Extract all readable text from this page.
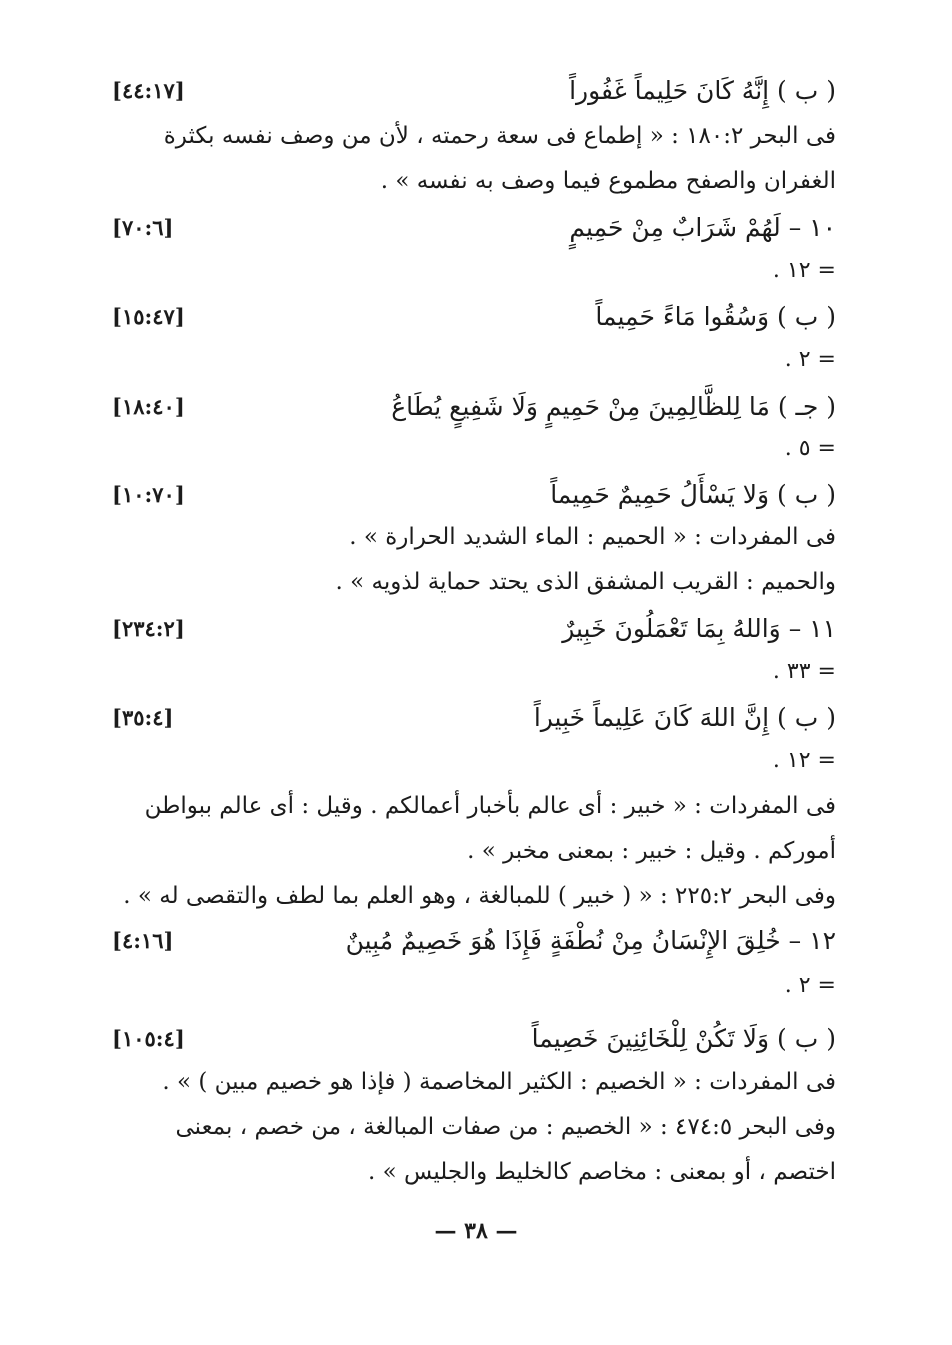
( ب ) إِنَّهُ كَانَ حَلِيماً غَفُوراً
[٤٤:١٧]
فى البحر ١٨٠:٢ : « إطماع فى سعة رحمته ، لأن من وصف نفسه بكثرة
الغفران والصفح مطموع فيما وصف به نفسه » .
١٠ – لَهُمْ شَرَابٌ مِنْ حَمِيمٍ
[٧٠:٦]
= ١٢ .
( ب ) وَسُقُوا مَاءً حَمِيماً
[١٥:٤٧]
= ٢ .
( جـ ) مَا لِلظَّالِمِينَ مِنْ حَمِيمٍ وَلَا شَفِيعٍ يُطَاعُ
[١٨:٤٠]
= ٥ .
( ب ) وَلا يَسْأَلُ حَمِيمٌ حَمِيماً
[١٠:٧٠]
فى المفردات : « الحميم : الماء الشديد الحرارة » .
والحميم : القريب المشفق الذى يحتد حماية لذويه » .
١١ – وَاللهُ بِمَا تَعْمَلُونَ خَبِيرٌ
[٢٣٤:٢]
= ٣٣ .
( ب ) إِنَّ اللهَ كَانَ عَلِيماً خَبِيراً
[٣٥:٤]
= ١٢ .
فى المفردات : « خبير : أى عالم بأخبار أعمالكم . وقيل : أى عالم ببواطن
أموركم . وقيل : خبير : بمعنى مخبر » .
وفى البحر ٢٢٥:٢ : « ( خبير ) للمبالغة ، وهو العلم بما لطف والتقصى له » .
١٢ – خُلِقَ الإِنْسَانُ مِنْ نُطْفَةٍ فَإِذَا هُوَ خَصِيمٌ مُبِينٌ
[٤:١٦]
= ٢ .
( ب ) وَلَا تَكُنْ لِلْخَائِنِينَ خَصِيماً
[١٠٥:٤]
فى المفردات : « الخصيم : الكثير المخاصمة ( فإذا هو خصيم مبين ) » .
وفى البحر ٤٧٤:٥ : « الخصيم : من صفات المبالغة ، من خصم ، بمعنى
اختصم ، أو بمعنى : مخاصم كالخليط والجليس » .
— ٣٨ —
